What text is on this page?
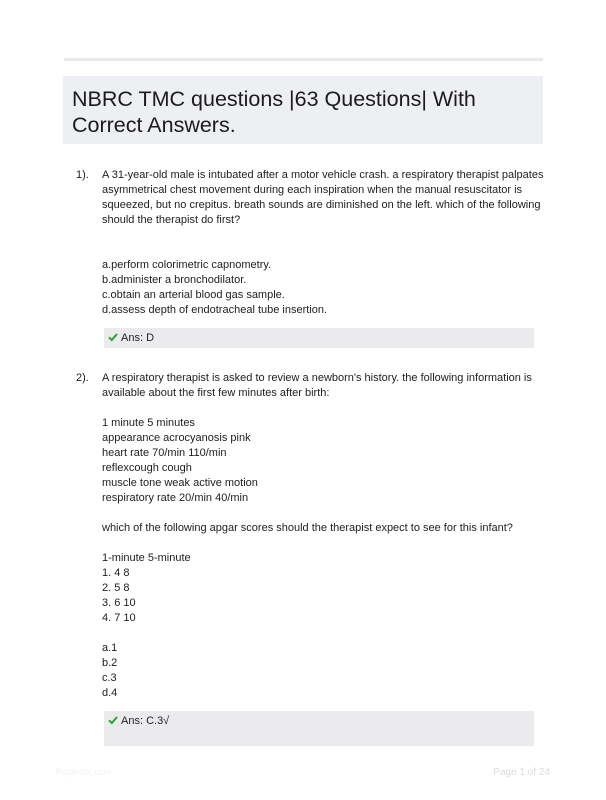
NBRC TMC questions |63 Questions| With
Correct Answers.
1). A 31-year-old male is intubated after a motor vehicle crash. a respiratory therapist palpates
asymmetrical chest movement during each inspiration when the manual resuscitator is
squeezed, but no crepitus. breath sounds are diminished on the left. which of the following
should the therapist do first?
a.perform colorimetric capnometry.
b.administer a bronchodilator.
c.obtain an arterial blood gas sample.
d.assess depth of endotracheal tube insertion.
Ans: D
2). A respiratory therapist is asked to review a newborn's history. the following information is
available about the first few minutes after birth:
1 minute 5 minutes
appearance acrocyanosis pink
heart rate 70/min 110/min
reflexcough cough
muscle tone weak active motion
respiratory rate 20/min 40/min
which of the following apgar scores should the therapist expect to see for this infant?
1-minute 5-minute
1. 4 8
2. 5 8
3. 6 10
4. 7 10
a.1
b.2
c.3
d.4
Ans: C.3√
Paperlibr.com	Page 1 of 24
